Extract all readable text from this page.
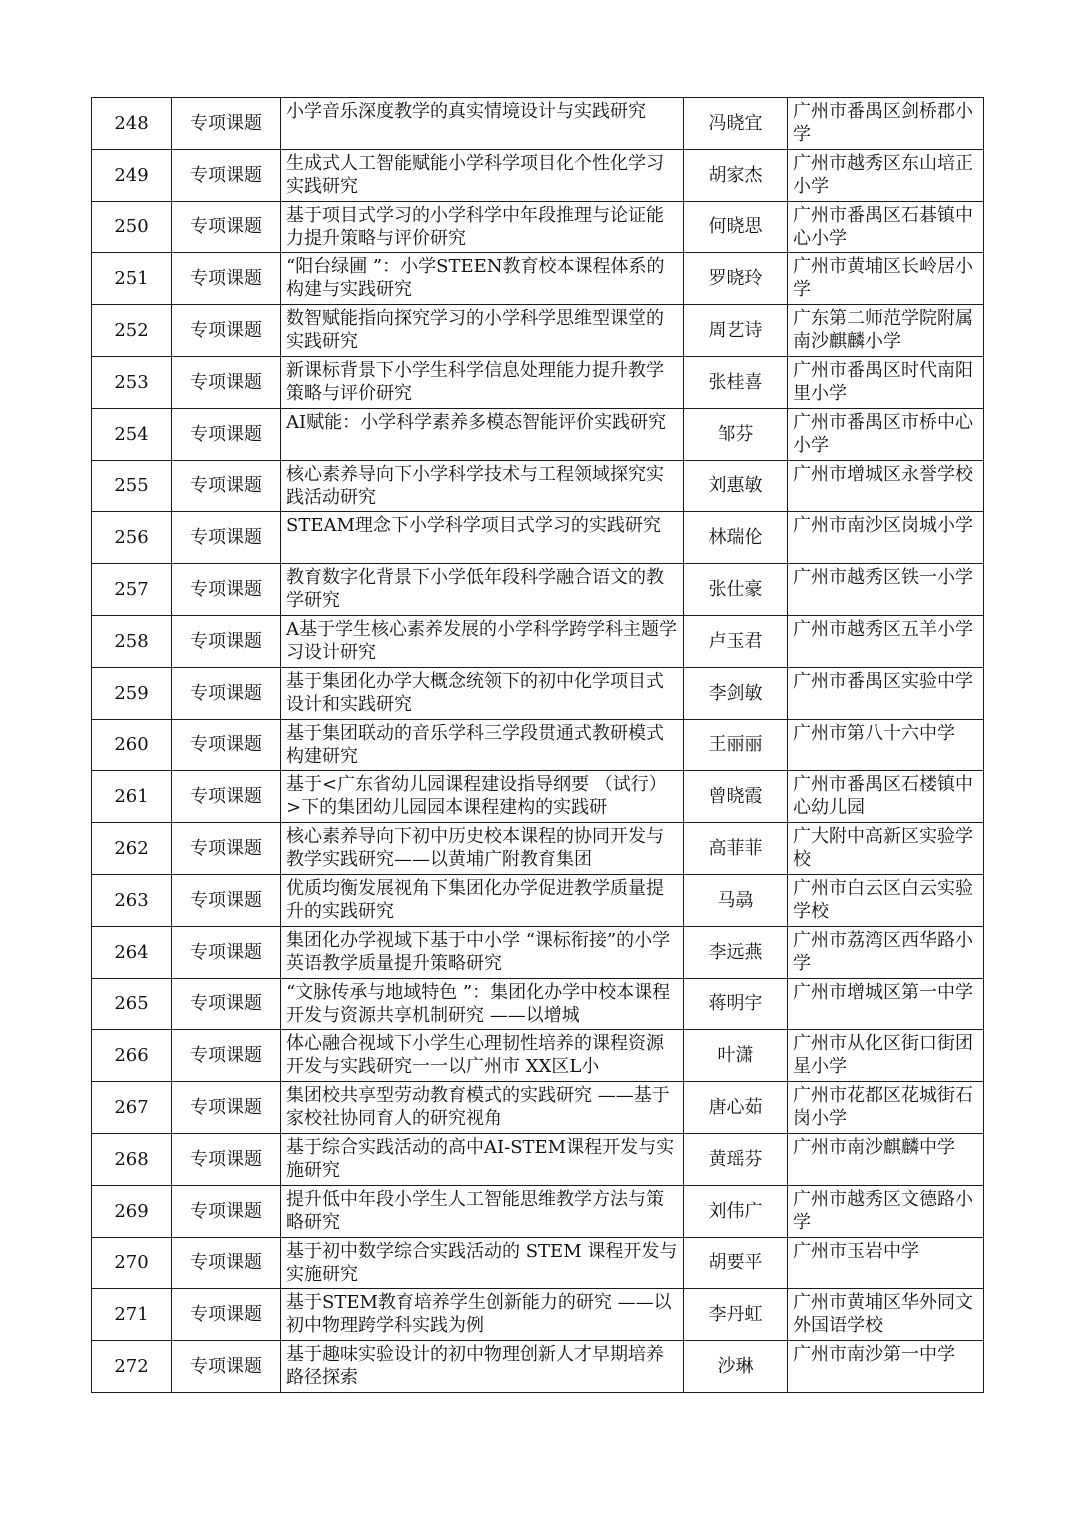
248	专项课题	小学音乐深度教学的真实情境设计与实践研究	冯晓宜	广州市番禺区剑桥郡小学

249	专项课题	生成式人工智能赋能小学科学项目化个性化学习实践研究	胡家杰	广州市越秀区东山培正小学

250	专项课题	基于项目式学习的小学科学中年段推理与论证能力提升策略与评价研究	何晓思	广州市番禺区石碁镇中心小学

251	专项课题	“阳台绿圃 ”：小学STEEN教育校本课程体系的构建与实践研究	罗晓玲	广州市黄埔区长岭居小学

252	专项课题	数智赋能指向探究学习的小学科学思维型课堂的实践研究	周艺诗	广东第二师范学院附属南沙麒麟小学

253	专项课题	新课标背景下小学生科学信息处理能力提升教学策略与评价研究	张桂喜	广州市番禺区时代南阳里小学

254	专项课题	AI赋能：小学科学素养多模态智能评价实践研究	邹芬	广州市番禺区市桥中心小学

255	专项课题	核心素养导向下小学科学技术与工程领域探究实践活动研究	刘惠敏	广州市增城区永誉学校

256	专项课题	STEAM理念下小学科学项目式学习的实践研究	林瑞伦	广州市南沙区岗城小学

257	专项课题	教育数字化背景下小学低年段科学融合语文的教学研究	张仕豪	广州市越秀区铁一小学

258	专项课题	A基于学生核心素养发展的小学科学跨学科主题学习设计研究	卢玉君	广州市越秀区五羊小学

259	专项课题	基于集团化办学大概念统领下的初中化学项目式设计和实践研究	李剑敏	广州市番禺区实验中学

260	专项课题	基于集团联动的音乐学科三学段贯通式教研模式构建研究	王丽丽	广州市第八十六中学

261	专项课题	基于<广东省幼儿园课程建设指导纲要 （试行）>下的集团幼儿园园本课程建构的实践研	曾晓霞	广州市番禺区石楼镇中心幼儿园

262	专项课题	核心素养导向下初中历史校本课程的协同开发与教学实践研究——以黄埔广附教育集团	高菲菲	广大附中高新区实验学校

263	专项课题	优质均衡发展视角下集团化办学促进教学质量提升的实践研究	马骉	广州市白云区白云实验学校

264	专项课题	集团化办学视域下基于中小学 “课标衔接”的小学英语教学质量提升策略研究	李远燕	广州市荔湾区西华路小学

265	专项课题	“文脉传承与地域特色 ”：集团化办学中校本课程开发与资源共享机制研究 ——以增城	蒋明宇	广州市增城区第一中学

266	专项课题	体心融合视域下小学生心理韧性培养的课程资源开发与实践研究一一以广州市 XX区L小	叶潇	广州市从化区街口街团星小学

267	专项课题	集团校共享型劳动教育模式的实践研究 ——基于家校社协同育人的研究视角	唐心茹	广州市花都区花城街石岗小学

268	专项课题	基于综合实践活动的高中AI-STEM课程开发与实施研究	黄瑶芬	广州市南沙麒麟中学

269	专项课题	提升低中年段小学生人工智能思维教学方法与策略研究	刘伟广	广州市越秀区文德路小学

270	专项课题	基于初中数学综合实践活动的 STEM 课程开发与实施研究	胡要平	广州市玉岩中学

271	专项课题	基于STEM教育培养学生创新能力的研究 ——以初中物理跨学科实践为例	李丹虹	广州市黄埔区华外同文外国语学校

272	专项课题	基于趣味实验设计的初中物理创新人才早期培养路径探索	沙琳	广州市南沙第一中学
